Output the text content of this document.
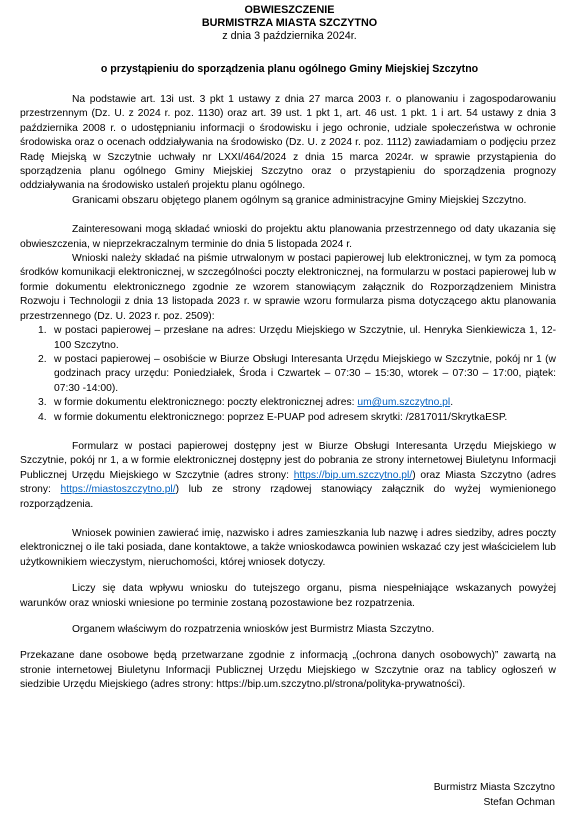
OBWIESZCZENIE
BURMISTRZA MIASTA SZCZYTNO
z dnia 3 października 2024r.
o przystąpieniu do sporządzenia planu ogólnego Gminy Miejskiej Szczytno

Na podstawie art. 13i ust. 3 pkt 1 ustawy z dnia 27 marca 2003 r. o planowaniu i zagospodarowaniu przestrzennym (Dz. U. z 2024 r. poz. 1130) oraz art. 39 ust. 1 pkt 1, art. 46 ust. 1 pkt. 1 i art. 54 ustawy z dnia 3 października 2008 r. o udostępnianiu informacji o środowisku i jego ochronie, udziale społeczeństwa w ochronie środowiska oraz o ocenach oddziaływania na środowisko (Dz. U. z 2024 r. poz. 1112) zawiadamiam o podjęciu przez Radę Miejską w Szczytnie uchwały nr LXXI/464/2024 z dnia 15 marca 2024r. w sprawie przystąpienia do sporządzenia planu ogólnego Gminy Miejskiej Szczytno oraz o przystąpieniu do sporządzenia prognozy oddziaływania na środowisko ustaleń projektu planu ogólnego.

Granicami obszaru objętego planem ogólnym są granice administracyjne Gminy Miejskiej Szczytno.

Zainteresowani mogą składać wnioski do projektu aktu planowania przestrzennego od daty ukazania się obwieszczenia, w nieprzekraczalnym terminie do dnia 5 listopada 2024 r.

Wnioski należy składać na piśmie utrwalonym w postaci papierowej lub elektronicznej, w tym za pomocą środków komunikacji elektronicznej, w szczególności poczty elektronicznej, na formularzu w postaci papierowej lub w formie dokumentu elektronicznego zgodnie ze wzorem stanowiącym załącznik do Rozporządzeniem Ministra Rozwoju i Technologii z dnia 13 listopada 2023 r. w sprawie wzoru formularza pisma dotyczącego aktu planowania przestrzennego (Dz. U. 2023 r. poz. 2509):

1. w postaci papierowej – przesłane na adres: Urzędu Miejskiego w Szczytnie, ul. Henryka Sienkiewicza 1, 12-100 Szczytno.
2. w postaci papierowej – osobiście w Biurze Obsługi Interesanta Urzędu Miejskiego w Szczytnie, pokój nr 1 (w godzinach pracy urzędu: Poniedziałek, Środa i Czwartek – 07:30 – 15:30, wtorek – 07:30 – 17:00, piątek: 07:30 -14:00).
3. w formie dokumentu elektronicznego: poczty elektronicznej adres: um@um.szczytno.pl.
4. w formie dokumentu elektronicznego: poprzez E-PUAP pod adresem skrytki: /2817011/SkrytkaESP.

Formularz w postaci papierowej dostępny jest w Biurze Obsługi Interesanta Urzędu Miejskiego w Szczytnie, pokój nr 1, a w formie elektronicznej dostępny jest do pobrania ze strony internetowej Biuletynu Informacji Publicznej Urzędu Miejskiego w Szczytnie (adres strony: https://bip.um.szczytno.pl/) oraz Miasta Szczytno (adres strony: https://miastoszczytno.pl/) lub ze strony rządowej stanowiący załącznik do wyżej wymienionego rozporządzenia.

Wniosek powinien zawierać imię, nazwisko i adres zamieszkania lub nazwę i adres siedziby, adres poczty elektronicznej o ile taki posiada, dane kontaktowe, a także wnioskodawca powinien wskazać czy jest właścicielem lub użytkownikiem wieczystym, nieruchomości, której wniosek dotyczy.

Liczy się data wpływu wniosku do tutejszego organu, pisma niespełniające wskazanych powyżej warunków oraz wnioski wniesione po terminie zostaną pozostawione bez rozpatrzenia.

Organem właściwym do rozpatrzenia wniosków jest Burmistrz Miasta Szczytno.

Przekazane dane osobowe będą przetwarzane zgodnie z informacją „(ochrona danych osobowych)” zawartą na stronie internetowej Biuletynu Informacji Publicznej Urzędu Miejskiego w Szczytnie oraz na tablicy ogłoszeń w siedzibie Urzędu Miejskiego (adres strony: https://bip.um.szczytno.pl/strona/polityka-prywatności).

Burmistrz Miasta Szczytno
Stefan Ochman
